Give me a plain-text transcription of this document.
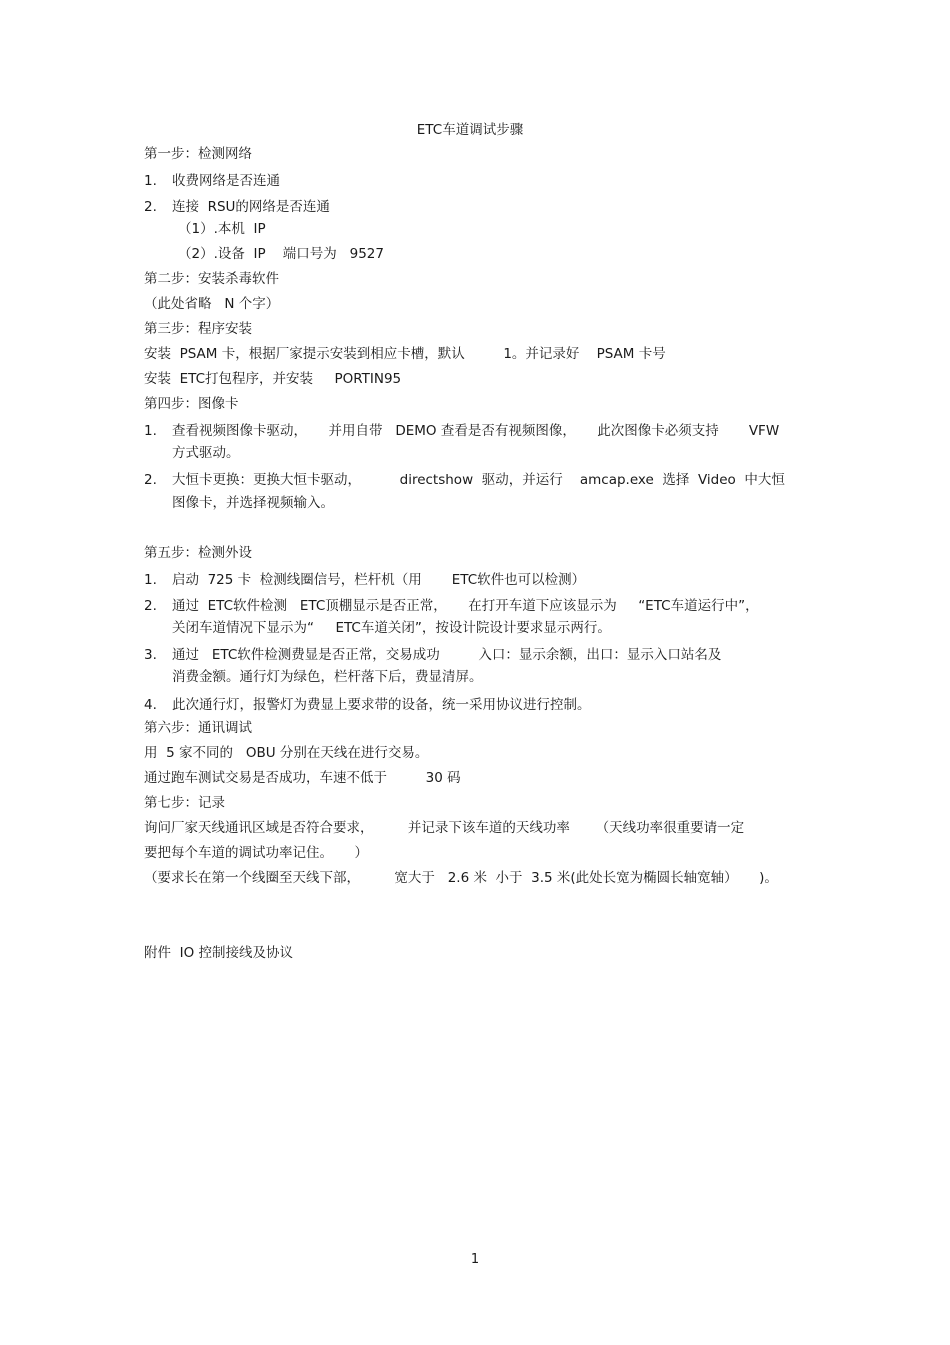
ETC车道调试步骤
第一步：检测网络
1. 收费网络是否连通
2. 连接  RSU的网络是否连通
（1）.本机  IP
（2）.设备  IP    端口号为   9527
第二步：安装杀毒软件
（此处省略   N 个字）
第三步：程序安装
安装  PSAM 卡，根据厂家提示安装到相应卡槽，默认         1。并记录好    PSAM 卡号
安装  ETC打包程序，并安装     PORTIN95
第四步：图像卡
1. 查看视频图像卡驱动，     并用自带   DEMO 查看是否有视频图像，     此次图像卡必须支持       VFW
方式驱动。
2. 大恒卡更换：更换大恒卡驱动，         directshow  驱动，并运行    amcap.exe  选择  Video  中大恒
图像卡，并选择视频输入。
第五步：检测外设
1. 启动  725 卡  检测线圈信号，栏杆机（用       ETC软件也可以检测）
2. 通过  ETC软件检测   ETC顶棚显示是否正常，     在打开车道下应该显示为     “ETC车道运行中”，
关闭车道情况下显示为“     ETC车道关闭”，按设计院设计要求显示两行。
3. 通过   ETC软件检测费显是否正常，交易成功         入口：显示余额，出口：显示入口站名及
消费金额。通行灯为绿色，栏杆落下后，费显清屏。
4. 此次通行灯，报警灯为费显上要求带的设备，统一采用协议进行控制。
第六步：通讯调试
用  5 家不同的   OBU 分别在天线在进行交易。
通过跑车测试交易是否成功，车速不低于         30 码
第七步：记录
询问厂家天线通讯区域是否符合要求，        并记录下该车道的天线功率      （天线功率很重要请一定
要把每个车道的调试功率记住。     ）
（要求长在第一个线圈至天线下部，        宽大于   2.6 米  小于  3.5 米(此处长宽为椭圆长轴宽轴）     )。
附件  IO 控制接线及协议
1
